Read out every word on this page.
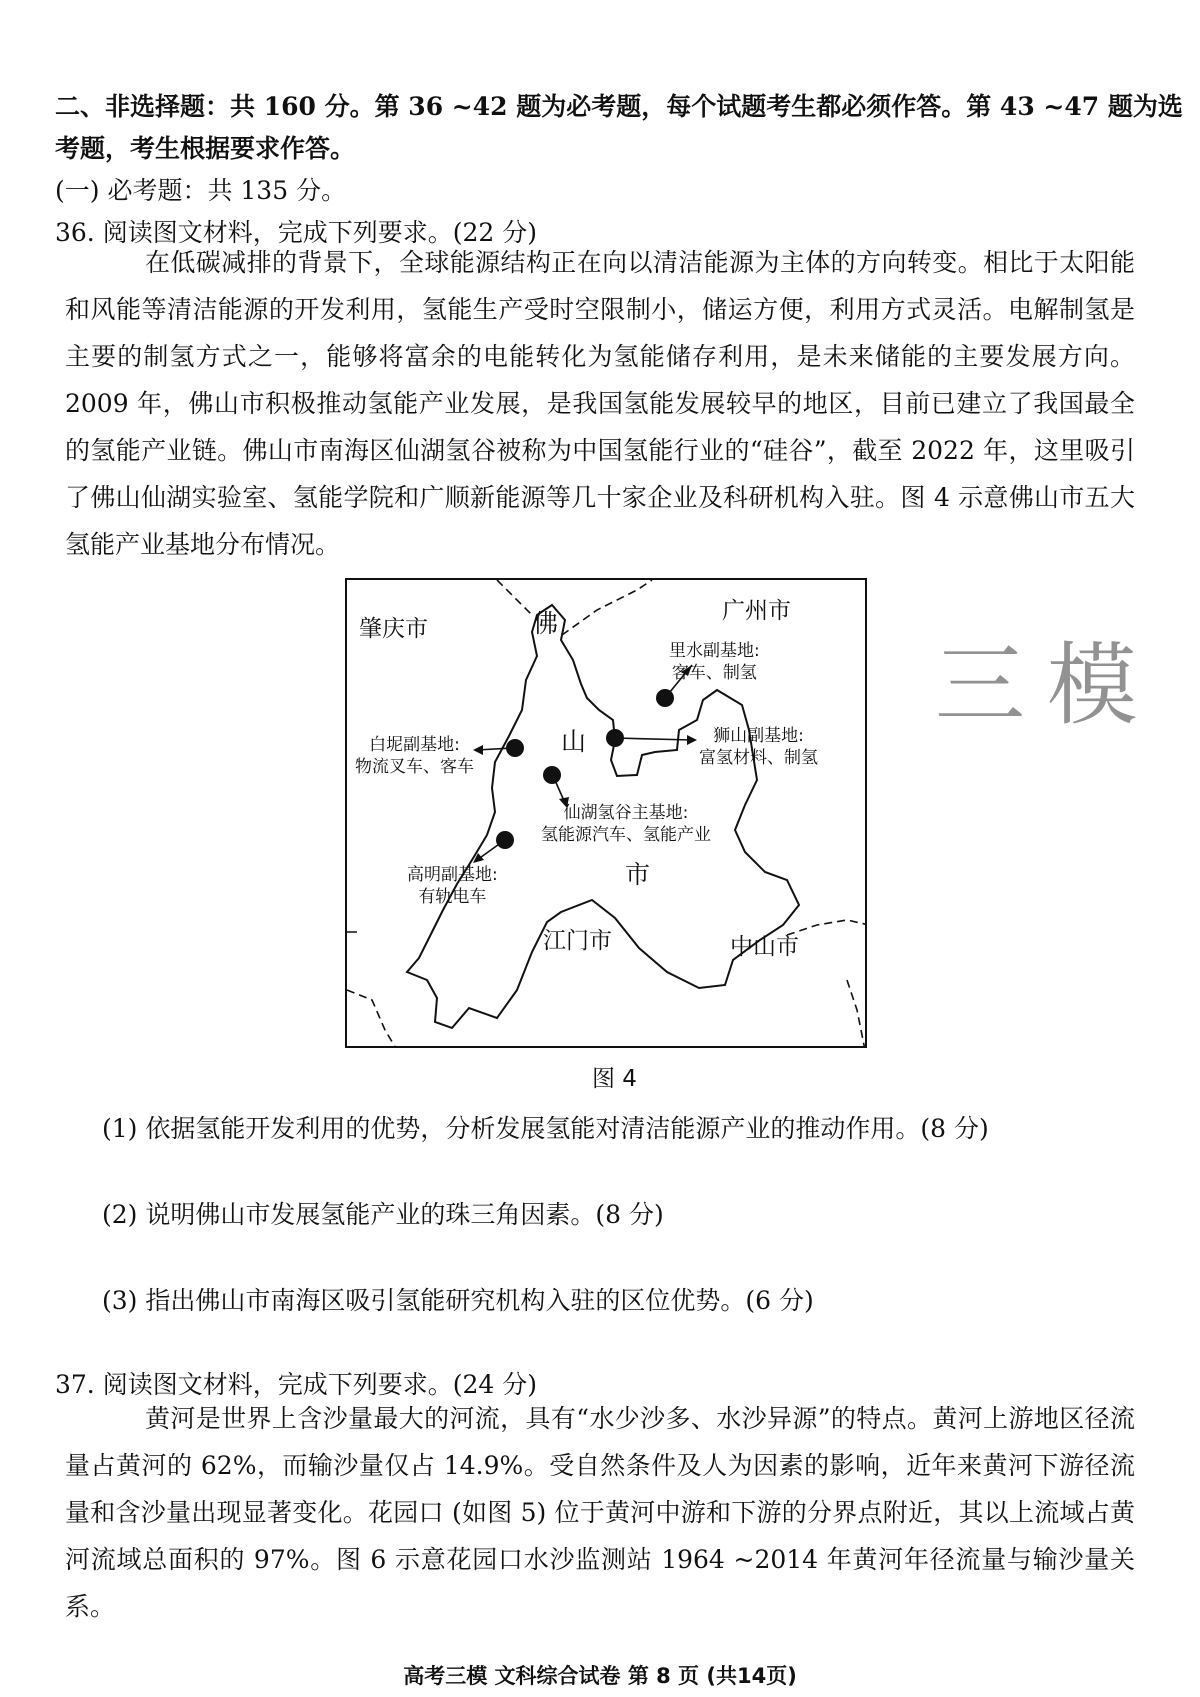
二、非选择题：共 160 分。第 36 ~42 题为必考题，每个试题考生都必须作答。第 43 ~47 题为选
考题，考生根据要求作答。
(一) 必考题：共 135 分。
36. 阅读图文材料，完成下列要求。(22 分)

在低碳减排的背景下，全球能源结构正在向以清洁能源为主体的方向转变。相比于太阳能和风能等清洁能源的开发利用，氢能生产受时空限制小，储运方便，利用方式灵活。电解制氢是主要的制氢方式之一，能够将富余的电能转化为氢能储存利用，是未来储能的主要发展方向。2009 年，佛山市积极推动氢能产业发展，是我国氢能发展较早的地区，目前已建立了我国最全的氢能产业链。佛山市南海区仙湖氢谷被称为中国氢能行业的“硅谷”，截至 2022 年，这里吸引了佛山仙湖实验室、氢能学院和广顺新能源等几十家企业及科研机构入驻。图 4 示意佛山市五大氢能产业基地分布情况。

三模
肇庆市
广州市
江门市	中山市
佛
山
市
里水副基地:
客车、制氢
狮山副基地:
富氢材料、制氢
白坭副基地:
物流叉车、客车
仙湖氢谷主基地:
氢能源汽车、氢能产业
高明副基地:
有轨电车
图 4
(1) 依据氢能开发利用的优势，分析发展氢能对清洁能源产业的推动作用。(8 分)
(2) 说明佛山市发展氢能产业的珠三角因素。(8 分)
(3) 指出佛山市南海区吸引氢能研究机构入驻的区位优势。(6 分)
37. 阅读图文材料，完成下列要求。(24 分)

黄河是世界上含沙量最大的河流，具有“水少沙多、水沙异源”的特点。黄河上游地区径流量占黄河的 62%，而输沙量仅占 14.9%。受自然条件及人为因素的影响，近年来黄河下游径流量和含沙量出现显著变化。花园口 (如图 5) 位于黄河中游和下游的分界点附近，其以上流域占黄河流域总面积的 97%。图 6 示意花园口水沙监测站 1964 ~2014 年黄河年径流量与输沙量关系。

高考三模 文科综合试卷 第 8 页 (共14页)
